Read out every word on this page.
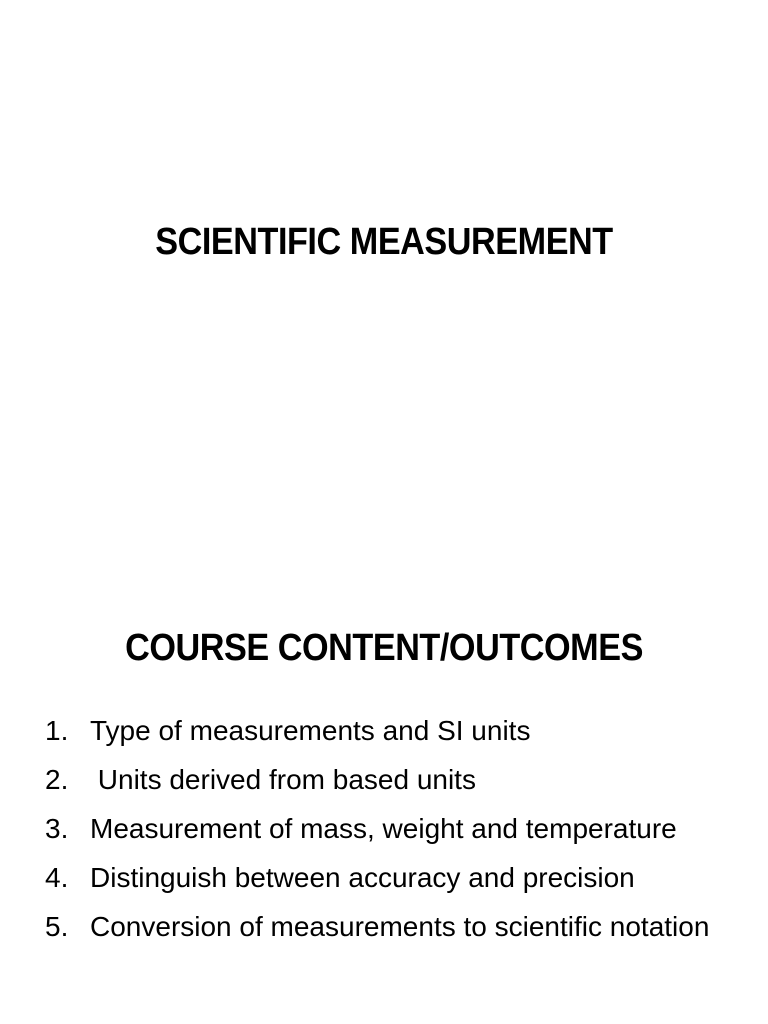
SCIENTIFIC MEASUREMENT
COURSE CONTENT/OUTCOMES
1. Type of measurements and SI units
2. Units derived from based units
3. Measurement of mass, weight and temperature
4. Distinguish between accuracy and precision
5. Conversion of measurements to scientific notation
